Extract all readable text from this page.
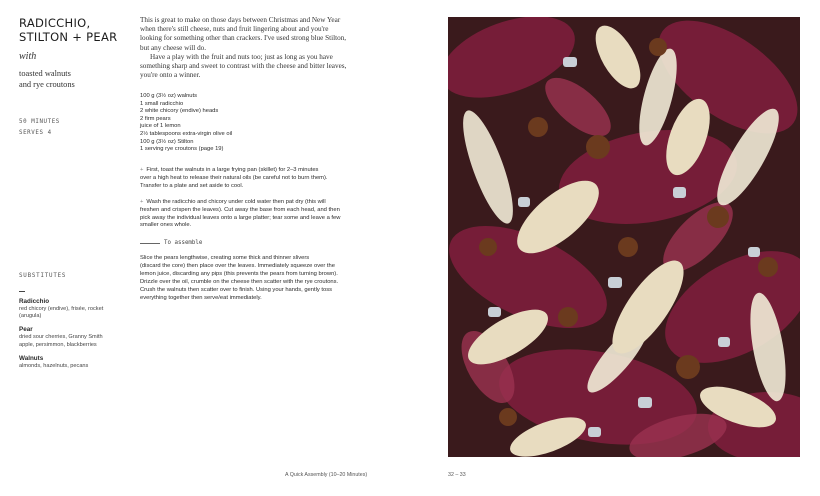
RADICCHIO,
STILTON + PEAR
with
toasted walnuts
and rye croutons

50 MINUTES

SERVES 4

SUBSTITUTES

Radicchio
red chicory (endive), frisée, rocket
(arugula)
Pear
dried sour cherries, Granny Smith
apple, persimmon, blackberries
Walnuts
almonds, hazelnuts, pecans

This is great to make on those days between Christmas and New Year
when there's still cheese, nuts and fruit lingering about and you're
looking for something other than crackers. I've used strong blue Stilton,
but any cheese will do.

Have a play with the fruit and nuts too; just as long as you have
something sharp and sweet to contrast with the cheese and bitter leaves,
you're onto a winner.

100 g (3½ oz) walnuts
1 small radicchio
2 white chicory (endive) heads
2 firm pears
juice of 1 lemon
2½ tablespoons extra-virgin olive oil
100 g (3½ oz) Stilton
1 serving rye croutons (page 19)
+ First, toast the walnuts in a large frying pan (skillet) for 2–3 minutes
over a high heat to release their natural oils (be careful not to burn them).
Transfer to a plate and set aside to cool.
+ Wash the radicchio and chicory under cold water then pat dry (this will
freshen and crispen the leaves). Cut away the base from each head, and then
pick away the individual leaves onto a large platter; tear some and leave a few
smaller ones whole.
To assemble
Slice the pears lengthwise, creating some thick and thinner slivers
(discard the core) then place over the leaves. Immediately squeeze over the
lemon juice, discarding any pips (this prevents the pears from turning brown).
Drizzle over the oil, crumble on the cheese then scatter with the rye croutons.
Crush the walnuts then scatter over to finish. Using your hands, gently toss
everything together then serve/eat immediately.
A Quick Assembly (10–20 Minutes)	32 – 33
